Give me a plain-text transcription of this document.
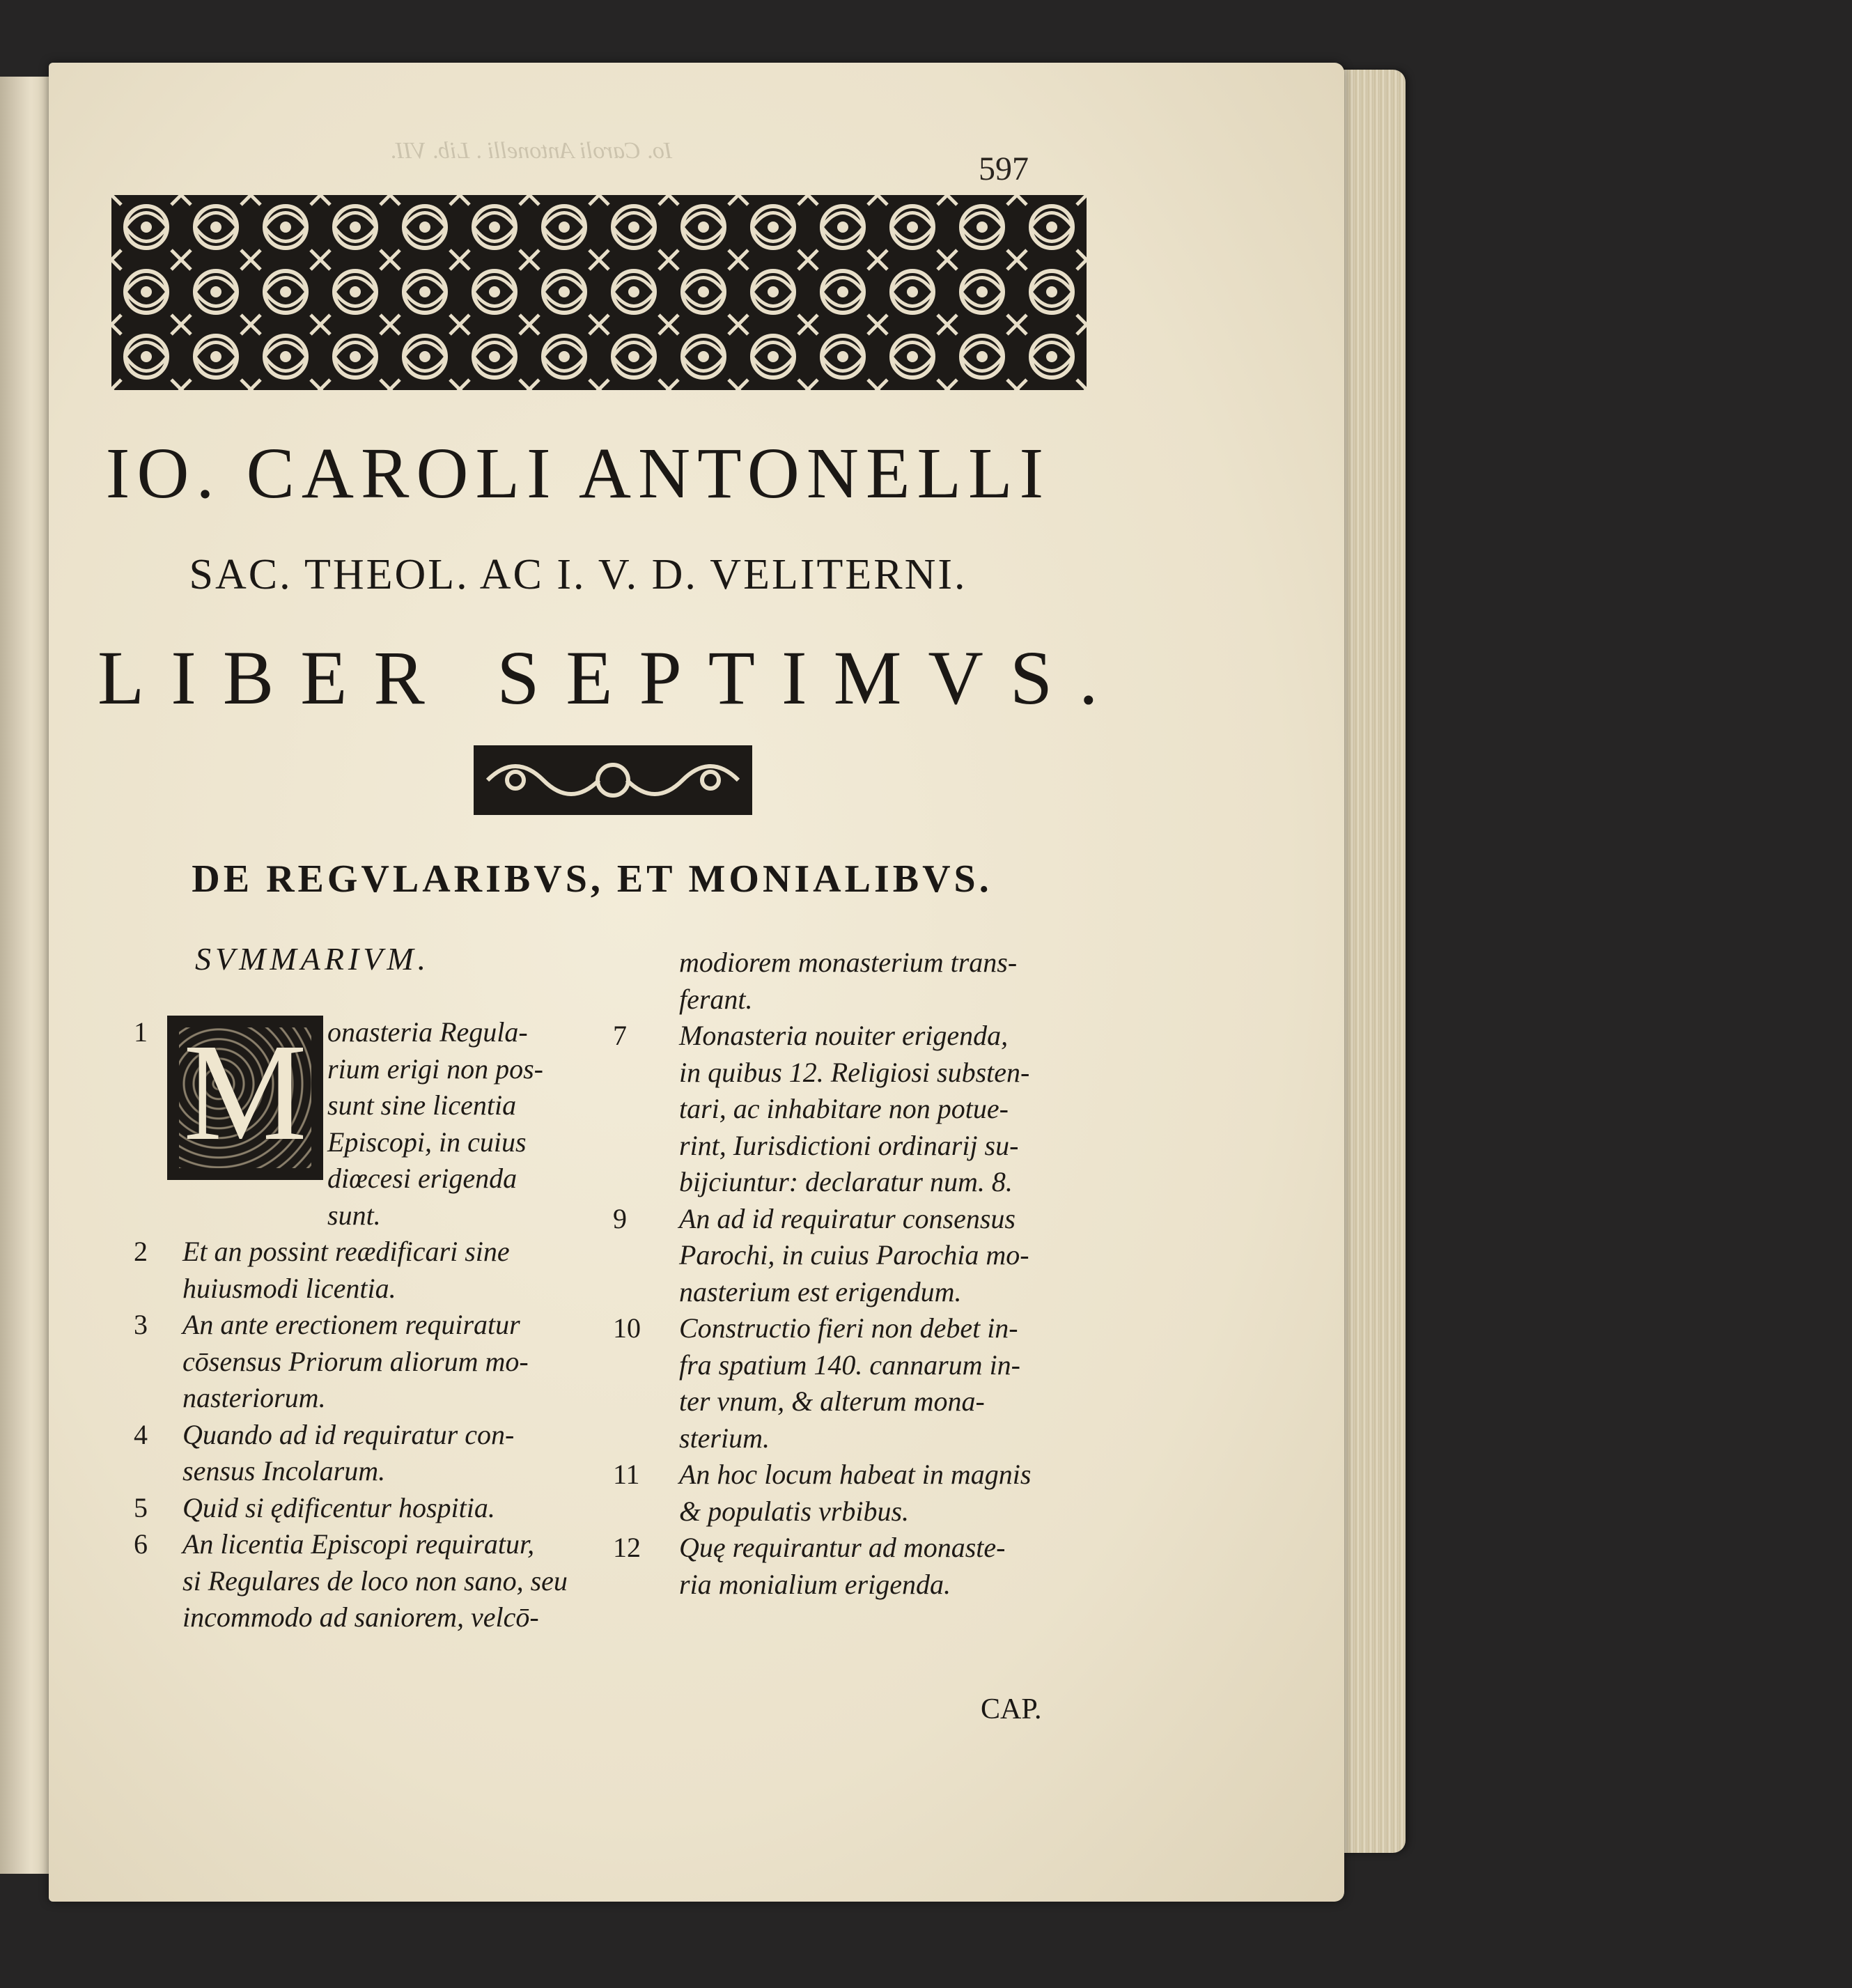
Io. Caroli Antonelli . Lib. VII.	597
IO. CAROLI ANTONELLI
SAC. THEOL. AC I. V. D. VELITERNI.
LIBER SEPTIMVS.
DE REGVLARIBVS, ET MONIALIBVS.
SVMMARIVM.
M
1	onasteria Regula-
rium erigi non pos-
sunt sine licentia
Episcopi, in cuius
diœcesi erigenda
sunt.
2 Et an possint reædificari sine
huiusmodi licentia.
3 An ante erectionem requiratur
cōsensus Priorum aliorum mo-
nasteriorum.
4 Quando ad id requiratur con-
sensus Incolarum.
5 Quid si ędificentur hospitia.
6 An licentia Episcopi requiratur,
si Regulares de loco non sano, seu
incommodo ad saniorem, velcō-
modiorem monasterium trans-
ferant.
7 Monasteria nouiter erigenda,
in quibus 12. Religiosi substen-
tari, ac inhabitare non potue-
rint, Iurisdictioni ordinarij su-
bijciuntur: declaratur num. 8.
9 An ad id requiratur consensus
Parochi, in cuius Parochia mo-
nasterium est erigendum.
10 Constructio fieri non debet in-
fra spatium 140. cannarum in-
ter vnum, & alterum mona-
sterium.
11 An hoc locum habeat in magnis
& populatis vrbibus.
12 Quę requirantur ad monaste-
ria monialium erigenda.
CAP.
